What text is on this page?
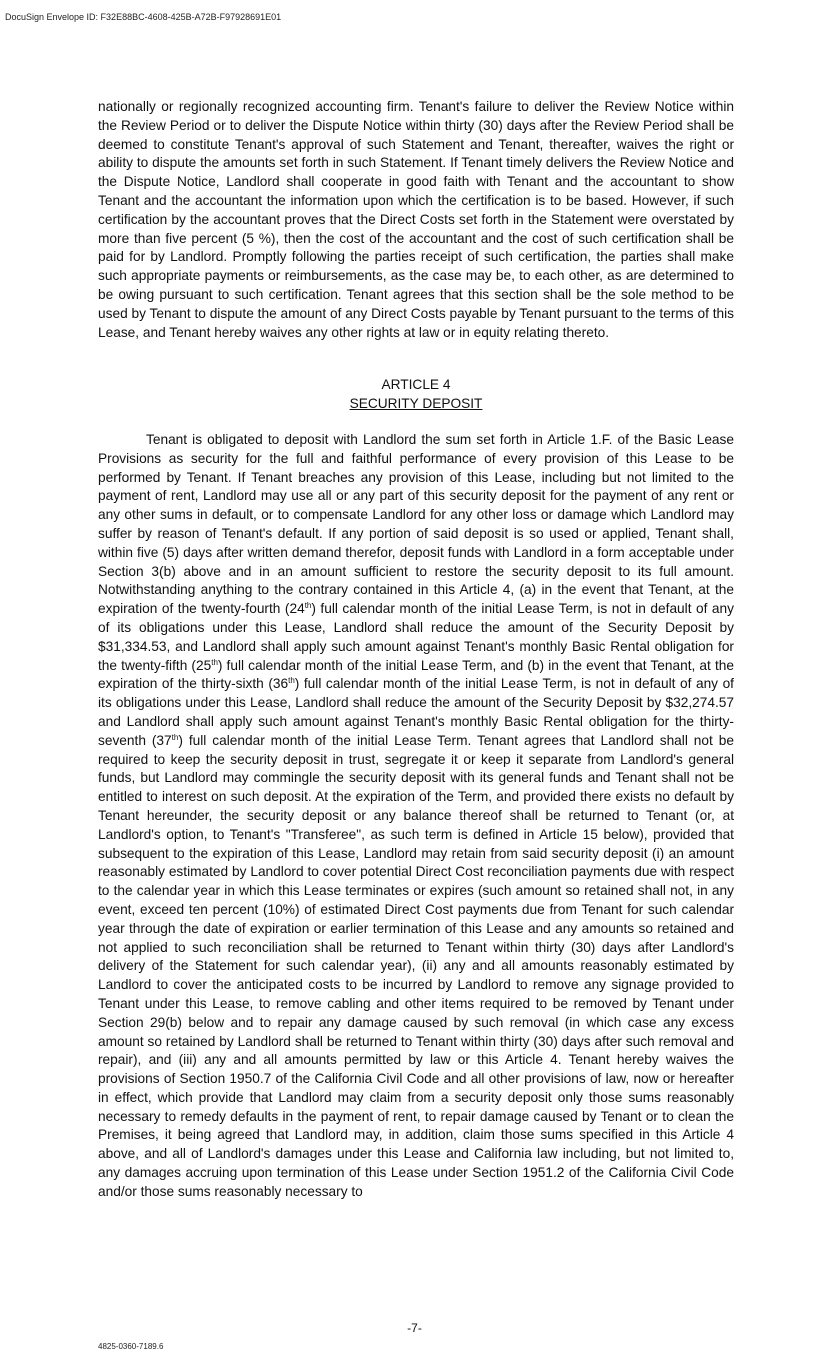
DocuSign Envelope ID: F32E88BC-4608-425B-A72B-F97928691E01

nationally or regionally recognized accounting firm. Tenant's failure to deliver the Review Notice within the Review Period or to deliver the Dispute Notice within thirty (30) days after the Review Period shall be deemed to constitute Tenant's approval of such Statement and Tenant, thereafter, waives the right or ability to dispute the amounts set forth in such Statement. If Tenant timely delivers the Review Notice and the Dispute Notice, Landlord shall cooperate in good faith with Tenant and the accountant to show Tenant and the accountant the information upon which the certification is to be based. However, if such certification by the accountant proves that the Direct Costs set forth in the Statement were overstated by more than five percent (5 %), then the cost of the accountant and the cost of such certification shall be paid for by Landlord. Promptly following the parties receipt of such certification, the parties shall make such appropriate payments or reimbursements, as the case may be, to each other, as are determined to be owing pursuant to such certification. Tenant agrees that this section shall be the sole method to be used by Tenant to dispute the amount of any Direct Costs payable by Tenant pursuant to the terms of this Lease, and Tenant hereby waives any other rights at law or in equity relating thereto.

ARTICLE 4
SECURITY DEPOSIT

Tenant is obligated to deposit with Landlord the sum set forth in Article 1.F. of the Basic Lease Provisions as security for the full and faithful performance of every provision of this Lease to be performed by Tenant. If Tenant breaches any provision of this Lease, including but not limited to the payment of rent, Landlord may use all or any part of this security deposit for the payment of any rent or any other sums in default, or to compensate Landlord for any other loss or damage which Landlord may suffer by reason of Tenant's default. If any portion of said deposit is so used or applied, Tenant shall, within five (5) days after written demand therefor, deposit funds with Landlord in a form acceptable under Section 3(b) above and in an amount sufficient to restore the security deposit to its full amount. Notwithstanding anything to the contrary contained in this Article 4, (a) in the event that Tenant, at the expiration of the twenty-fourth (24th) full calendar month of the initial Lease Term, is not in default of any of its obligations under this Lease, Landlord shall reduce the amount of the Security Deposit by $31,334.53, and Landlord shall apply such amount against Tenant's monthly Basic Rental obligation for the twenty-fifth (25th) full calendar month of the initial Lease Term, and (b) in the event that Tenant, at the expiration of the thirty-sixth (36th) full calendar month of the initial Lease Term, is not in default of any of its obligations under this Lease, Landlord shall reduce the amount of the Security Deposit by $32,274.57 and Landlord shall apply such amount against Tenant's monthly Basic Rental obligation for the thirty-seventh (37th) full calendar month of the initial Lease Term. Tenant agrees that Landlord shall not be required to keep the security deposit in trust, segregate it or keep it separate from Landlord's general funds, but Landlord may commingle the security deposit with its general funds and Tenant shall not be entitled to interest on such deposit. At the expiration of the Term, and provided there exists no default by Tenant hereunder, the security deposit or any balance thereof shall be returned to Tenant (or, at Landlord's option, to Tenant's "Transferee", as such term is defined in Article 15 below), provided that subsequent to the expiration of this Lease, Landlord may retain from said security deposit (i) an amount reasonably estimated by Landlord to cover potential Direct Cost reconciliation payments due with respect to the calendar year in which this Lease terminates or expires (such amount so retained shall not, in any event, exceed ten percent (10%) of estimated Direct Cost payments due from Tenant for such calendar year through the date of expiration or earlier termination of this Lease and any amounts so retained and not applied to such reconciliation shall be returned to Tenant within thirty (30) days after Landlord's delivery of the Statement for such calendar year), (ii) any and all amounts reasonably estimated by Landlord to cover the anticipated costs to be incurred by Landlord to remove any signage provided to Tenant under this Lease, to remove cabling and other items required to be removed by Tenant under Section 29(b) below and to repair any damage caused by such removal (in which case any excess amount so retained by Landlord shall be returned to Tenant within thirty (30) days after such removal and repair), and (iii) any and all amounts permitted by law or this Article 4. Tenant hereby waives the provisions of Section 1950.7 of the California Civil Code and all other provisions of law, now or hereafter in effect, which provide that Landlord may claim from a security deposit only those sums reasonably necessary to remedy defaults in the payment of rent, to repair damage caused by Tenant or to clean the Premises, it being agreed that Landlord may, in addition, claim those sums specified in this Article 4 above, and all of Landlord's damages under this Lease and California law including, but not limited to, any damages accruing upon termination of this Lease under Section 1951.2 of the California Civil Code and/or those sums reasonably necessary to

-7-
4825-0360-7189.6
